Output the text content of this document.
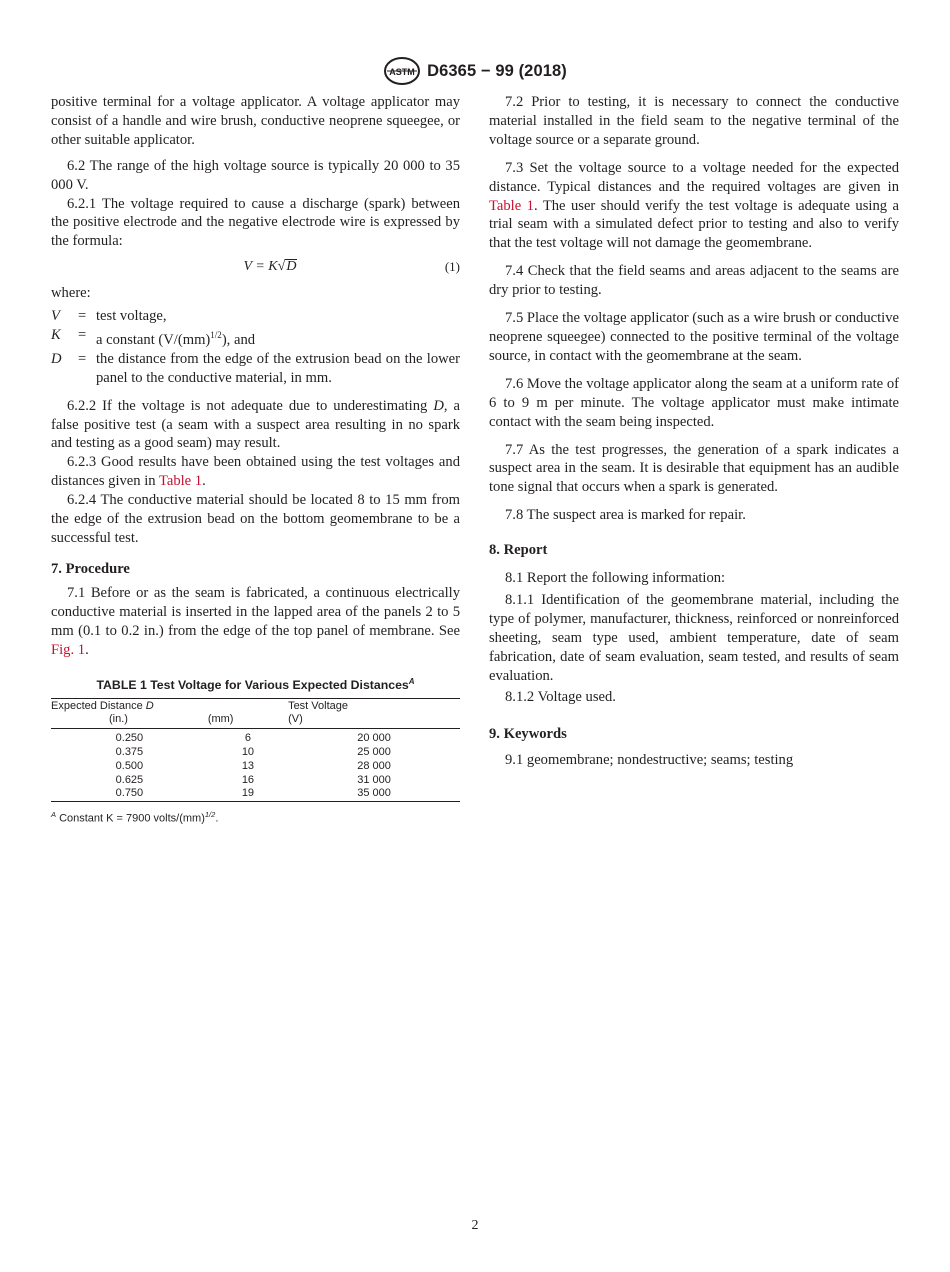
ASTM D6365 − 99 (2018)

positive terminal for a voltage applicator. A voltage applicator may consist of a handle and wire brush, conductive neoprene squeegee, or other suitable applicator.

6.2 The range of the high voltage source is typically 20 000 to 35 000 V.

6.2.1 The voltage required to cause a discharge (spark) between the positive electrode and the negative electrode wire is expressed by the formula:

V = K√D	(1)

where:

V	= test voltage,
K	= a constant (V/(mm)$^{1/2}$), and
D	= the distance from the edge of the extrusion bead on the lower panel to the conductive material, in mm.

6.2.2 If the voltage is not adequate due to underestimating D, a false positive test (a seam with a suspect area resulting in no spark and testing as a good seam) may result.

6.2.3 Good results have been obtained using the test voltages and distances given in Table 1.

6.2.4 The conductive material should be located 8 to 15 mm from the edge of the extrusion bead on the bottom geomembrane to be a successful test.

7. Procedure

7.1 Before or as the seam is fabricated, a continuous electrically conductive material is inserted in the lapped area of the panels 2 to 5 mm (0.1 to 0.2 in.) from the edge of the top panel of membrane. See Fig. 1.

TABLE 1 Test Voltage for Various Expected Distances$^A$
Expected Distance D		Test Voltage
(in.)	(mm)	(V)
0.250	6	20 000
0.375	10	25 000
0.500	13	28 000
0.625	16	31 000
0.750	19	35 000
$^A$ Constant K = 7900 volts/(mm)$^{1/2}$.

7.2 Prior to testing, it is necessary to connect the conductive material installed in the field seam to the negative terminal of the voltage source or a separate ground.

7.3 Set the voltage source to a voltage needed for the expected distance. Typical distances and the required voltages are given in Table 1. The user should verify the test voltage is adequate using a trial seam with a simulated defect prior to testing and also to verify that the test voltage will not damage the geomembrane.

7.4 Check that the field seams and areas adjacent to the seams are dry prior to testing.

7.5 Place the voltage applicator (such as a wire brush or conductive neoprene squeegee) connected to the positive terminal of the voltage source, in contact with the geomembrane at the seam.

7.6 Move the voltage applicator along the seam at a uniform rate of 6 to 9 m per minute. The voltage applicator must make intimate contact with the seam being inspected.

7.7 As the test progresses, the generation of a spark indicates a suspect area in the seam. It is desirable that equipment has an audible tone signal that occurs when a spark is generated.

7.8 The suspect area is marked for repair.

8. Report

8.1 Report the following information:

8.1.1 Identification of the geomembrane material, including the type of polymer, manufacturer, thickness, reinforced or nonreinforced sheeting, seam type used, ambient temperature, date of seam fabrication, date of seam evaluation, seam tested, and results of seam evaluation.

8.1.2 Voltage used.

9. Keywords

9.1 geomembrane; nondestructive; seams; testing

2
